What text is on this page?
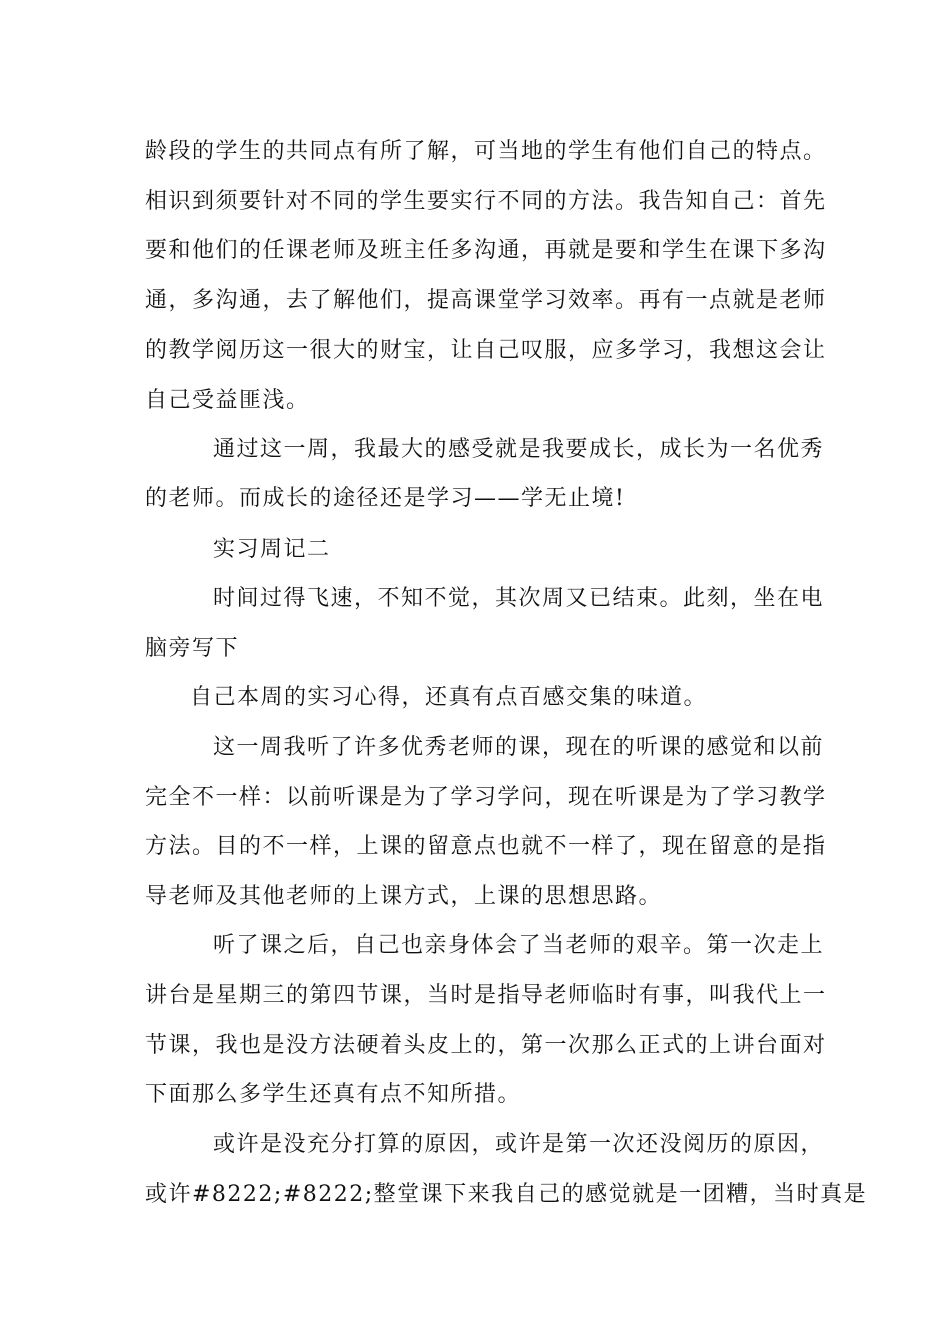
龄段的学生的共同点有所了解，可当地的学生有他们自己的特点。
相识到须要针对不同的学生要实行不同的方法。我告知自己：首先
要和他们的任课老师及班主任多沟通，再就是要和学生在课下多沟
通，多沟通，去了解他们，提高课堂学习效率。再有一点就是老师
的教学阅历这一很大的财宝，让自己叹服，应多学习，我想这会让
自己受益匪浅。
通过这一周，我最大的感受就是我要成长，成长为一名优秀
的老师。而成长的途径还是学习——学无止境!
实习周记二
时间过得飞速，不知不觉，其次周又已结束。此刻，坐在电
脑旁写下
自己本周的实习心得，还真有点百感交集的味道。
这一周我听了许多优秀老师的课，现在的听课的感觉和以前
完全不一样：以前听课是为了学习学问，现在听课是为了学习教学
方法。目的不一样，上课的留意点也就不一样了，现在留意的是指
导老师及其他老师的上课方式，上课的思想思路。
听了课之后，自己也亲身体会了当老师的艰辛。第一次走上
讲台是星期三的第四节课，当时是指导老师临时有事，叫我代上一
节课，我也是没方法硬着头皮上的，第一次那么正式的上讲台面对
下面那么多学生还真有点不知所措。
或许是没充分打算的原因，或许是第一次还没阅历的原因，
或许#8222;#8222;整堂课下来我自己的感觉就是一团糟，当时真是
